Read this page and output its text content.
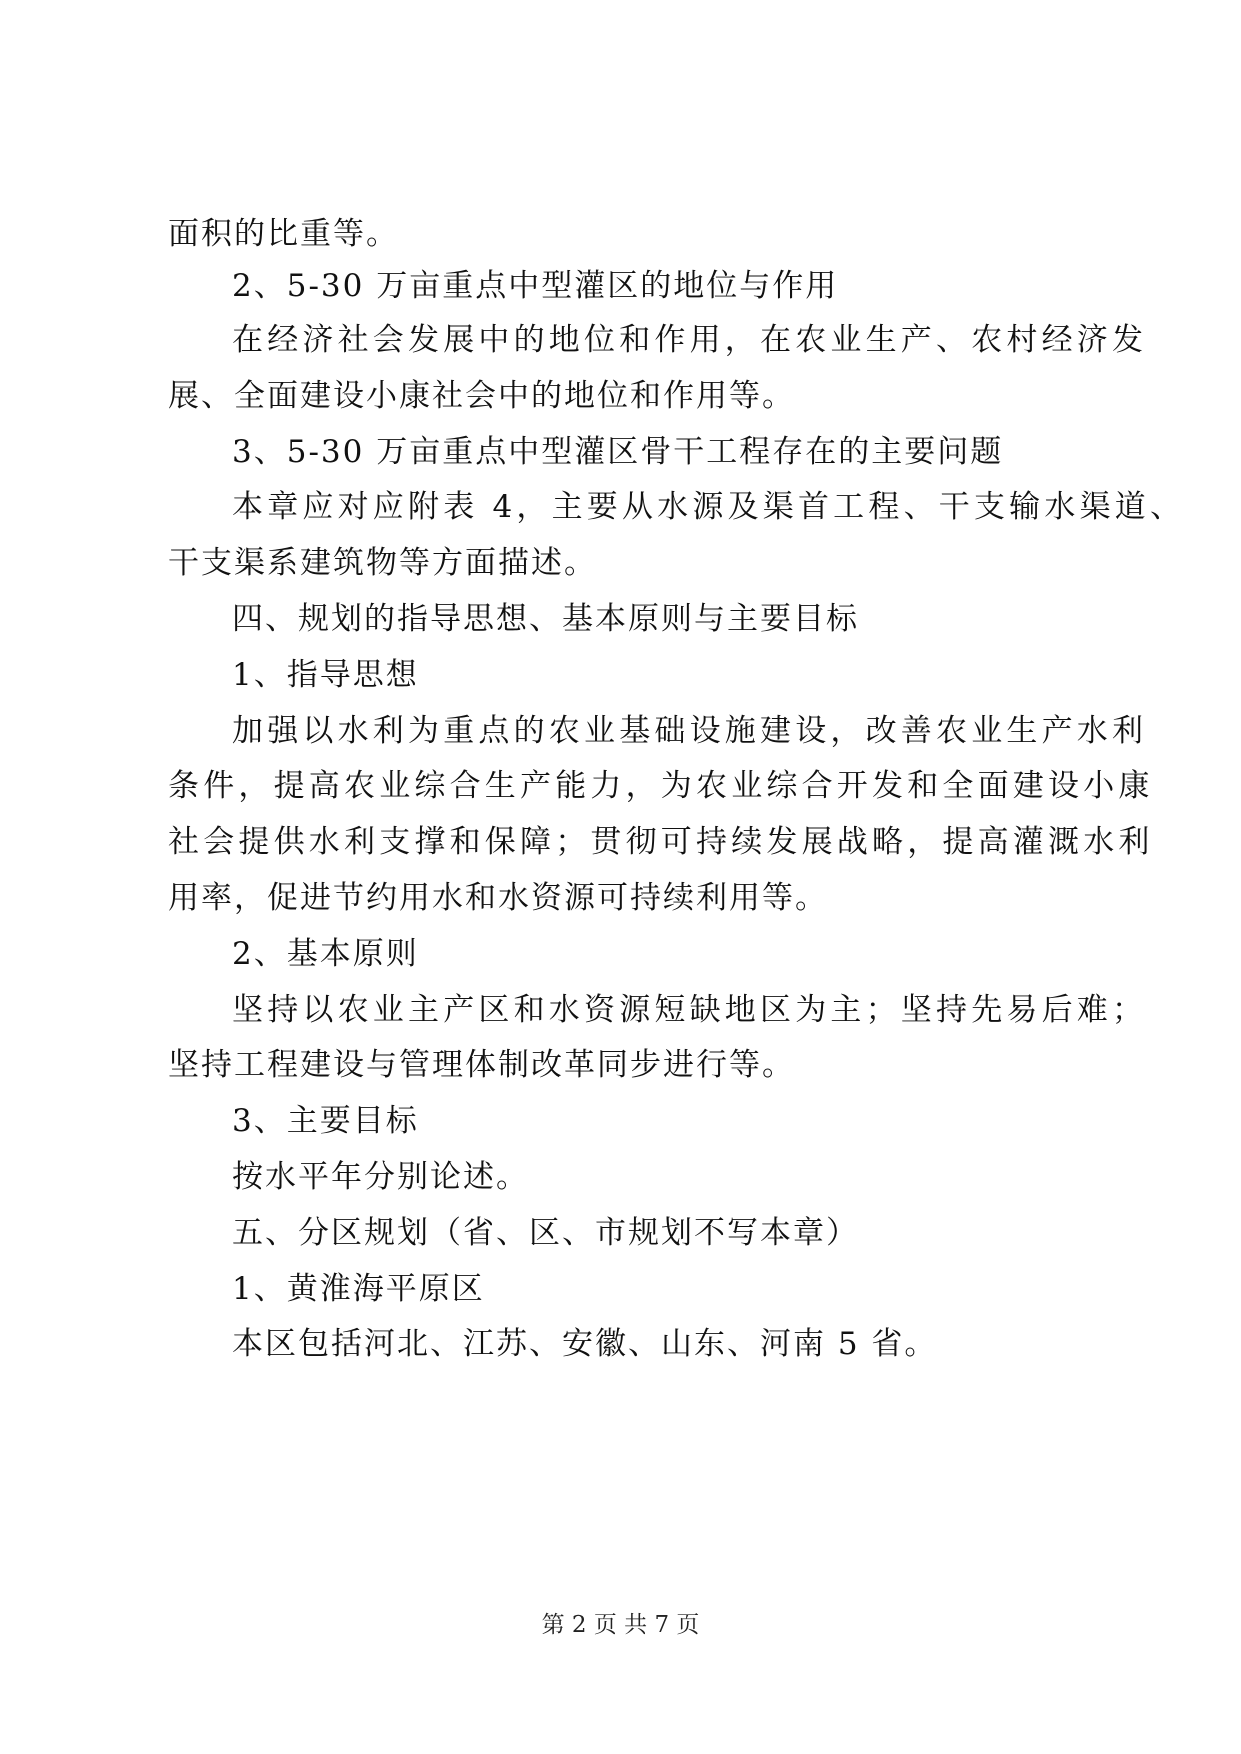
面积的比重等。
2、5-30 万亩重点中型灌区的地位与作用
在经济社会发展中的地位和作用，在农业生产、农村经济发
展、全面建设小康社会中的地位和作用等。
3、5-30 万亩重点中型灌区骨干工程存在的主要问题
本章应对应附表 4，主要从水源及渠首工程、干支输水渠道、
干支渠系建筑物等方面描述。
四、规划的指导思想、基本原则与主要目标
1、指导思想
加强以水利为重点的农业基础设施建设，改善农业生产水利
条件，提高农业综合生产能力，为农业综合开发和全面建设小康
社会提供水利支撑和保障；贯彻可持续发展战略，提高灌溉水利
用率，促进节约用水和水资源可持续利用等。
2、基本原则
坚持以农业主产区和水资源短缺地区为主；坚持先易后难；
坚持工程建设与管理体制改革同步进行等。
3、主要目标
按水平年分别论述。
五、分区规划（省、区、市规划不写本章）
1、黄淮海平原区
本区包括河北、江苏、安徽、山东、河南 5 省。
第 2 页 共 7 页
